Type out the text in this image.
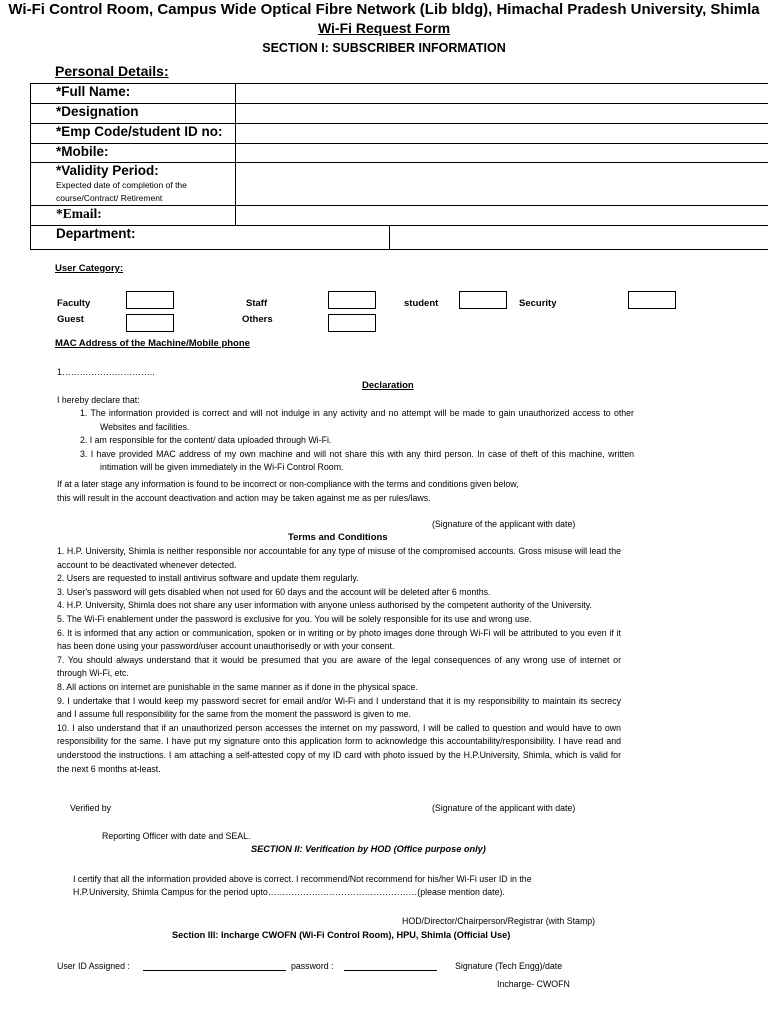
Wi-Fi Control Room, Campus Wide Optical Fibre Network (Lib bldg), Himachal Pradesh University, Shimla
Wi-Fi Request Form
SECTION I: SUBSCRIBER INFORMATION
Personal Details:
*Full Name:		
*Designation		
*Emp Code/student ID no:		
*Mobile:		
*Validity Period:
Expected date of completion of the
course/Contract/ Retirement		

*Email:		
Department:		
User Category:
Faculty	Staff	student	Security
Guest	Others
MAC Address of the Machine/Mobile phone
1…………………………..
Declaration
I hereby declare that:

1. The information provided is correct and will not indulge in any activity and no attempt will be made to gain unauthorized access to other Websites and facilities.

2. I am responsible for the content/ data uploaded through Wi-Fi.

3. I have provided MAC address of my own machine and will not share this with any third person. In case of theft of this machine, written intimation will be given immediately in the Wi-Fi Control Room.

If at a later stage any information is found to be incorrect or non-compliance with the terms and conditions given below,
this will result in the account deactivation and action may be taken against me as per rules/laws.
(Signature of the applicant with date)
Terms and Conditions

1. H.P. University, Shimla is neither responsible nor accountable for any type of misuse of the compromised accounts. Gross misuse will lead the account to be deactivated whenever detected.

2. Users are requested to install antivirus software and update them regularly.

3. User's password will gets disabled when not used for 60 days and the account will be deleted after 6 months.

4. H.P. University, Shimla does not share any user information with anyone unless authorised by the competent authority of the University.

5. The Wi-Fi enablement under the password is exclusive for you. You will be solely responsible for its use and wrong use.

6. It is informed that any action or communication, spoken or in writing or by photo images done through Wi-Fi will be attributed to you even if it has been done using your password/user account unauthorisedly or with your consent.

7. You should always understand that it would be presumed that you are aware of the legal consequences of any wrong use of internet or through Wi-Fi, etc.

8. All actions on internet are punishable in the same manner as if done in the physical space.

9. I undertake that I would keep my password secret for email and/or Wi-Fi and I understand that it is my responsibility to maintain its secrecy and I assume full responsibility for the same from the moment the password is given to me.

10. I also understand that if an unauthorized person accesses the internet on my password, I will be called to question and would have to own responsibility for the same. I have put my signature onto this application form to acknowledge this accountability/responsibility. I have read and understood the instructions. I am attaching a self-attested copy of my ID card with photo issued by the H.P.University, Shimla, which is valid for the next 6 months at-least.

Verified by	(Signature of the applicant with date)
Reporting Officer with date and SEAL.
SECTION II: Verification by HOD (Office purpose only)
I certify that all the information provided above is correct. I recommend/Not recommend for his/her Wi-Fi user ID in the
H.P.University, Shimla Campus for the period upto……………………………………………(please mention date).
HOD/Director/Chairperson/Registrar (with Stamp)
Section III: Incharge CWOFN (Wi-Fi Control Room), HPU, Shimla (Official Use)
User ID Assigned :	password :	Signature (Tech Engg)/date
Incharge- CWOFN
